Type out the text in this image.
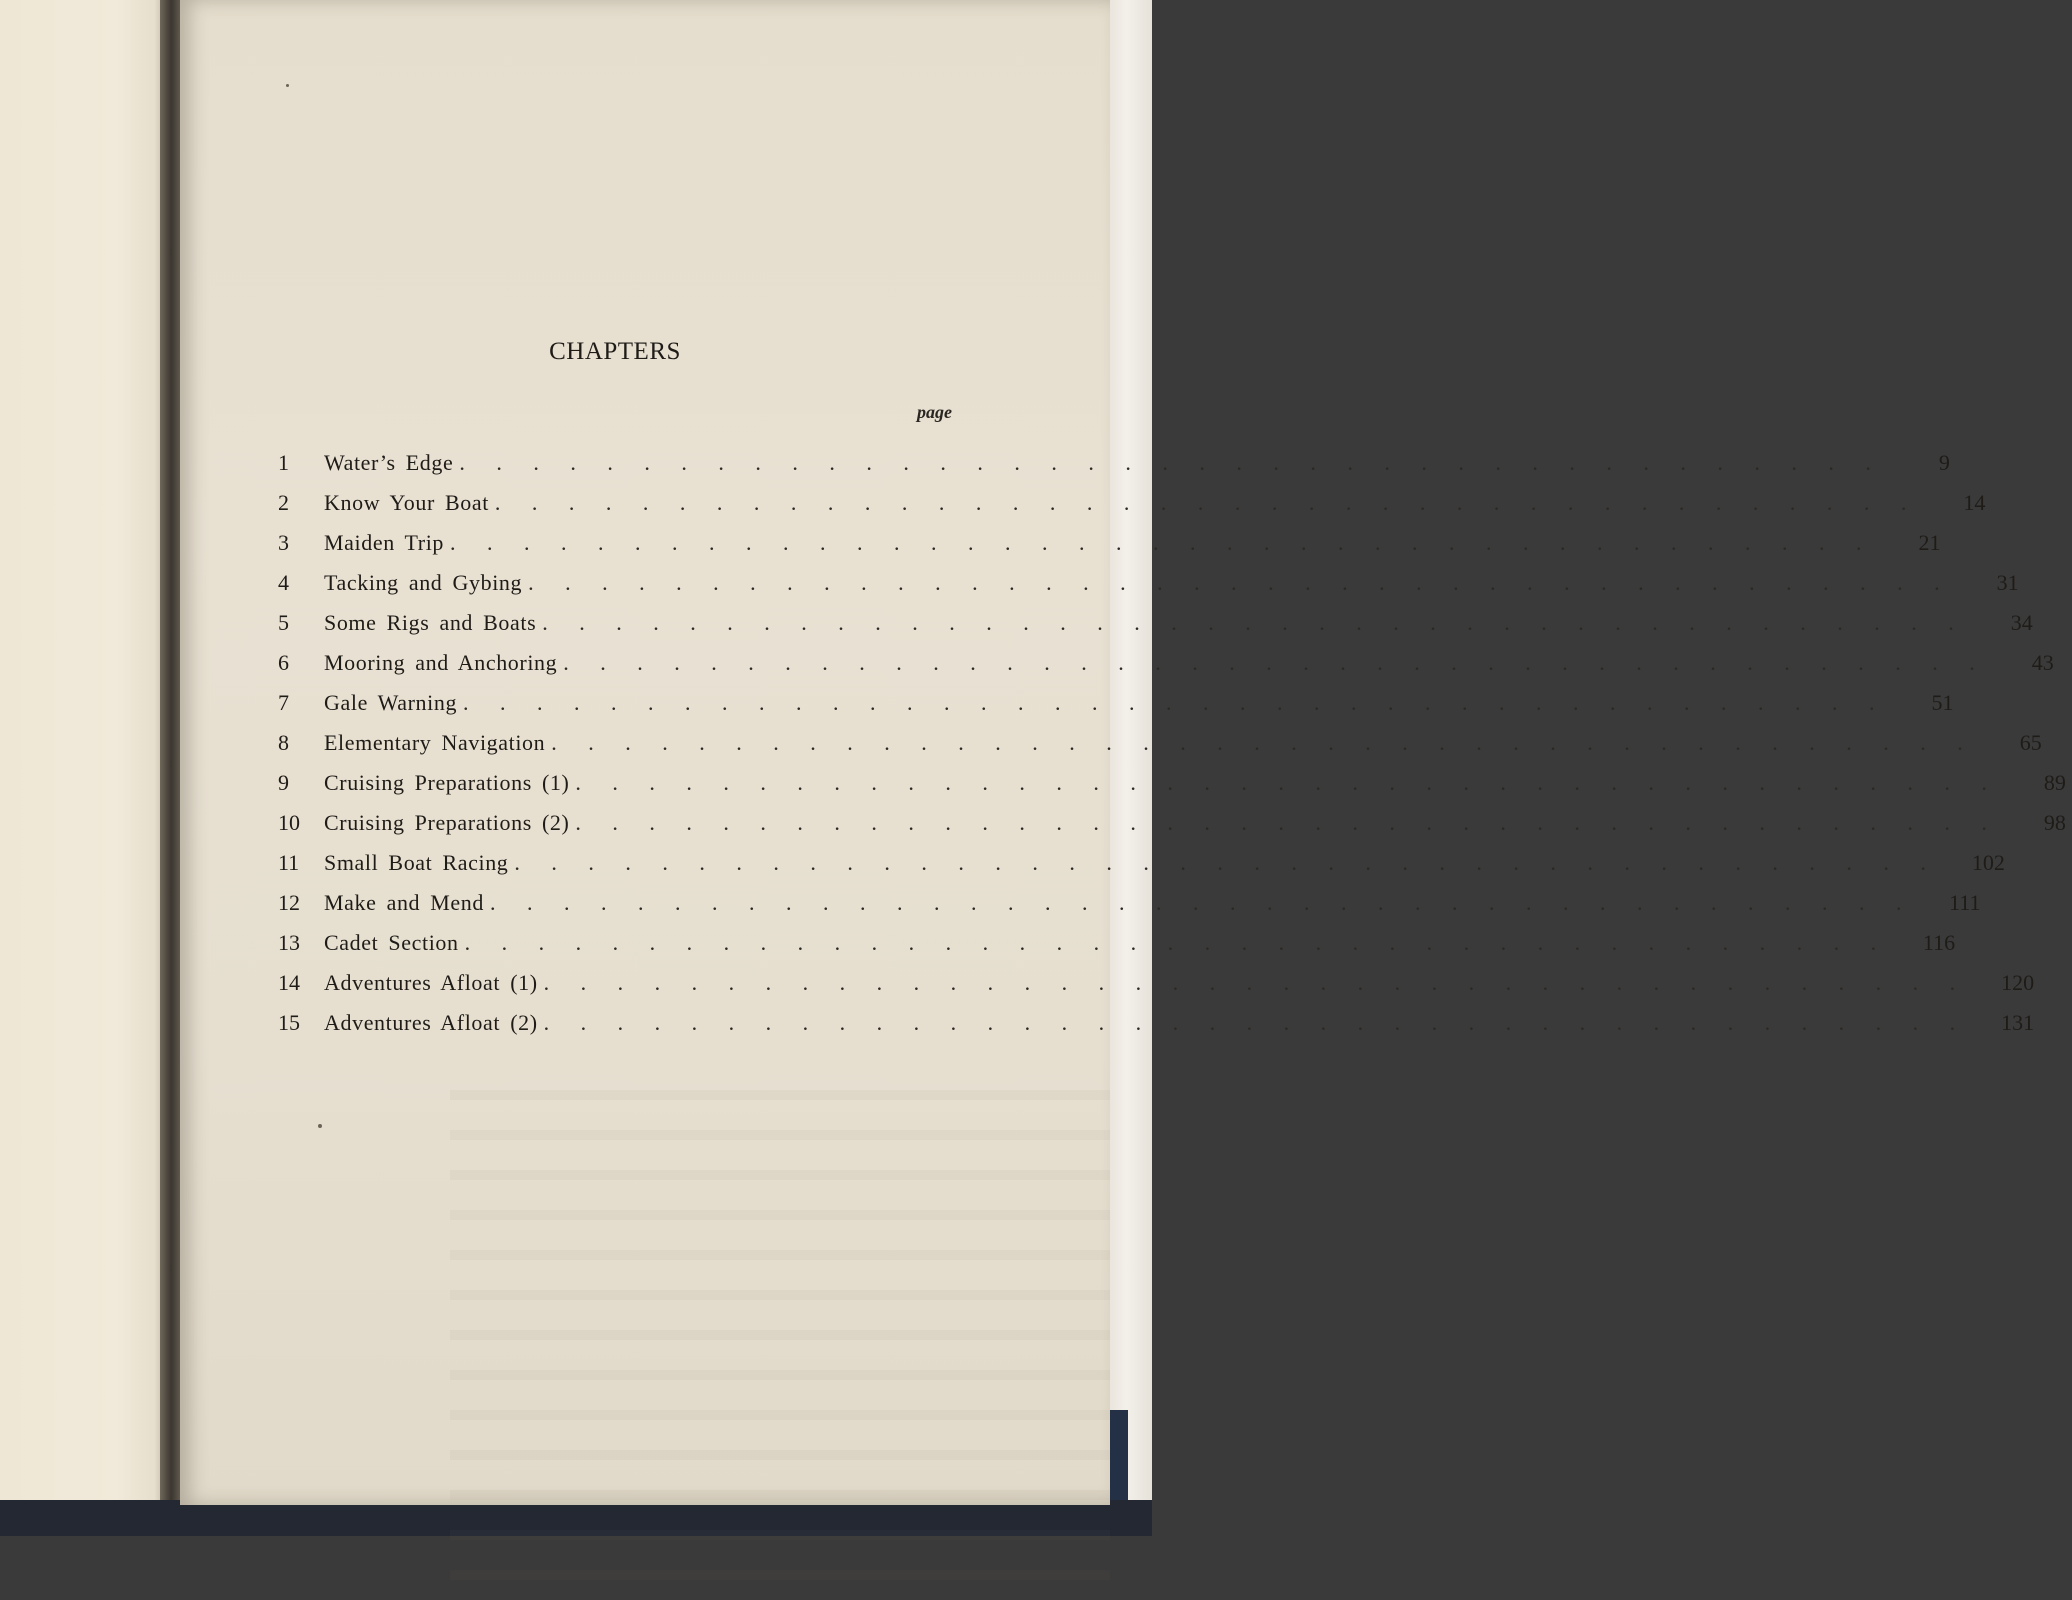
CHAPTERS
page
1	Water’s Edge . . . . . . . . . . . . . . . . . . . . . . . . . . . . . . . . . . . . . . .	9
2	Know Your Boat . . . . . . . . . . . . . . . . . . . . . . . . . . . . . . . . . . . . . . .	14
3	Maiden Trip . . . . . . . . . . . . . . . . . . . . . . . . . . . . . . . . . . . . . . .	21
4	Tacking and Gybing . . . . . . . . . . . . . . . . . . . . . . . . . . . . . . . . . . . . . . .	31
5	Some Rigs and Boats . . . . . . . . . . . . . . . . . . . . . . . . . . . . . . . . . . . . . . .	34
6	Mooring and Anchoring . . . . . . . . . . . . . . . . . . . . . . . . . . . . . . . . . . . . . . .	43
7	Gale Warning . . . . . . . . . . . . . . . . . . . . . . . . . . . . . . . . . . . . . . .	51
8	Elementary Navigation . . . . . . . . . . . . . . . . . . . . . . . . . . . . . . . . . . . . . . .	65
9	Cruising Preparations (1) . . . . . . . . . . . . . . . . . . . . . . . . . . . . . . . . . . . . . . .	89
10	Cruising Preparations (2) . . . . . . . . . . . . . . . . . . . . . . . . . . . . . . . . . . . . . . .	98
11	Small Boat Racing . . . . . . . . . . . . . . . . . . . . . . . . . . . . . . . . . . . . . . .	102
12	Make and Mend . . . . . . . . . . . . . . . . . . . . . . . . . . . . . . . . . . . . . . .	111
13	Cadet Section . . . . . . . . . . . . . . . . . . . . . . . . . . . . . . . . . . . . . . .	116
14	Adventures Afloat (1) . . . . . . . . . . . . . . . . . . . . . . . . . . . . . . . . . . . . . . .	120
15	Adventures Afloat (2) . . . . . . . . . . . . . . . . . . . . . . . . . . . . . . . . . . . . . . .	131
